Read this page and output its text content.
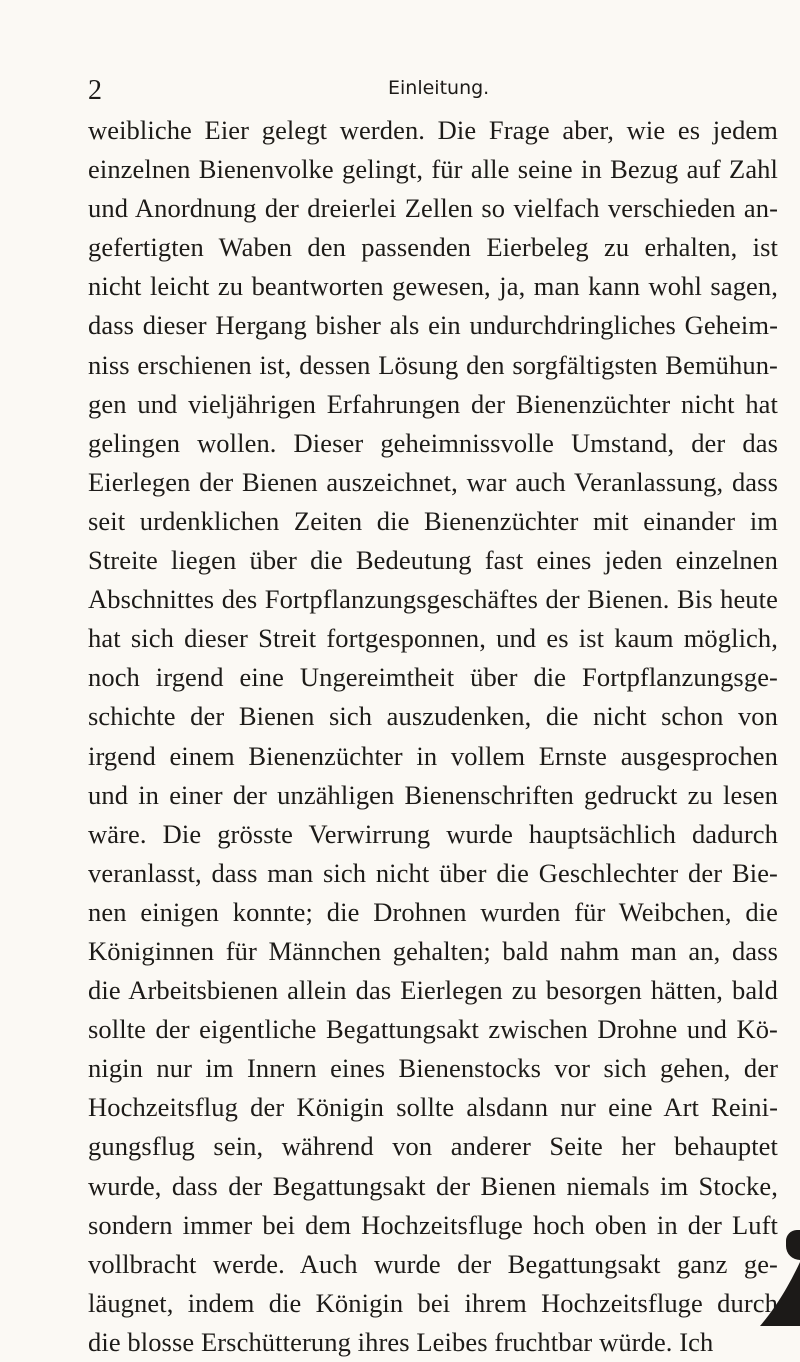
2	Einleitung.
weibliche Eier gelegt werden. Die Frage aber, wie es jedem
einzelnen Bienenvolke gelingt, für alle seine in Bezug auf Zahl
und Anordnung der dreierlei Zellen so vielfach verschieden an-
gefertigten Waben den passenden Eierbeleg zu erhalten, ist
nicht leicht zu beantworten gewesen, ja, man kann wohl sagen,
dass dieser Hergang bisher als ein undurchdringliches Geheim-
niss erschienen ist, dessen Lösung den sorgfältigsten Bemühun-
gen und vieljährigen Erfahrungen der Bienenzüchter nicht hat
gelingen wollen. Dieser geheimnissvolle Umstand, der das
Eierlegen der Bienen auszeichnet, war auch Veranlassung, dass
seit urdenklichen Zeiten die Bienenzüchter mit einander im
Streite liegen über die Bedeutung fast eines jeden einzelnen
Abschnittes des Fortpflanzungsgeschäftes der Bienen. Bis heute
hat sich dieser Streit fortgesponnen, und es ist kaum möglich,
noch irgend eine Ungereimtheit über die Fortpflanzungsge-
schichte der Bienen sich auszudenken, die nicht schon von
irgend einem Bienenzüchter in vollem Ernste ausgesprochen
und in einer der unzähligen Bienenschriften gedruckt zu lesen
wäre. Die grösste Verwirrung wurde hauptsächlich dadurch
veranlasst, dass man sich nicht über die Geschlechter der Bie-
nen einigen konnte; die Drohnen wurden für Weibchen, die
Königinnen für Männchen gehalten; bald nahm man an, dass
die Arbeitsbienen allein das Eierlegen zu besorgen hätten, bald
sollte der eigentliche Begattungsakt zwischen Drohne und Kö-
nigin nur im Innern eines Bienenstocks vor sich gehen, der
Hochzeitsflug der Königin sollte alsdann nur eine Art Reini-
gungsflug sein, während von anderer Seite her behauptet
wurde, dass der Begattungsakt der Bienen niemals im Stocke,
sondern immer bei dem Hochzeitsfluge hoch oben in der Luft
vollbracht werde. Auch wurde der Begattungsakt ganz ge-
läugnet, indem die Königin bei ihrem Hochzeitsfluge durch
die blosse Erschütterung ihres Leibes fruchtbar würde. Ich
